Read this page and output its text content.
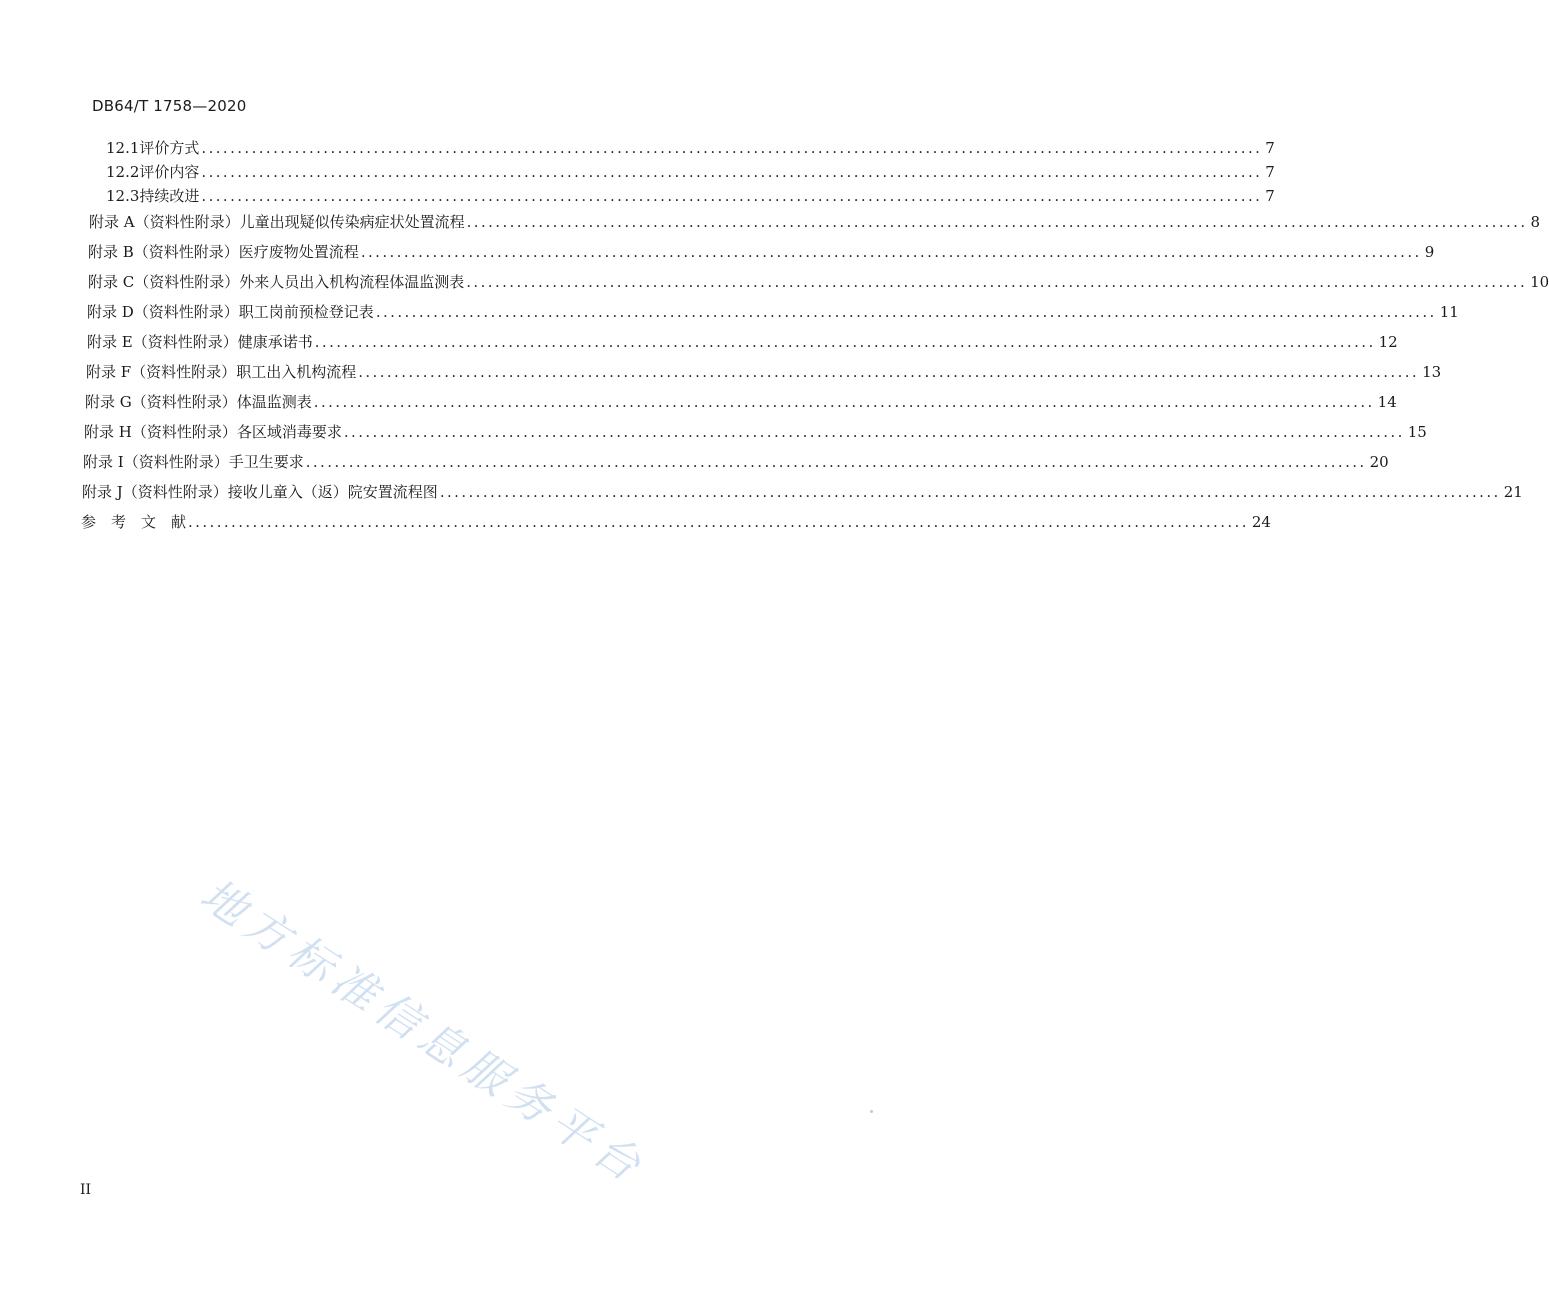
DB64/T 1758—2020
12.1 评价方式 .................................................................................................................................................... 7
12.2 评价内容 .................................................................................................................................................... 7
12.3 持续改进 .................................................................................................................................................... 7
附录 A（资料性附录） 儿童出现疑似传染病症状处置流程 .................................................................................................................................................... 8
附录 B（资料性附录） 医疗废物处置流程 .................................................................................................................................................... 9
附录 C（资料性附录） 外来人员出入机构流程体温监测表 .................................................................................................................................................... 10
附录 D（资料性附录） 职工岗前预检登记表 .................................................................................................................................................... 11
附录 E（资料性附录） 健康承诺书 .................................................................................................................................................... 12
附录 F（资料性附录） 职工出入机构流程 .................................................................................................................................................... 13
附录 G（资料性附录） 体温监测表 .................................................................................................................................................... 14
附录 H（资料性附录） 各区域消毒要求 .................................................................................................................................................... 15
附录 I（资料性附录） 手卫生要求 .................................................................................................................................................... 20
附录 J（资料性附录） 接收儿童入（返）院安置流程图 .................................................................................................................................................... 21
参　考　文　献 .................................................................................................................................................... 24
地方标准信息服务平台
II
